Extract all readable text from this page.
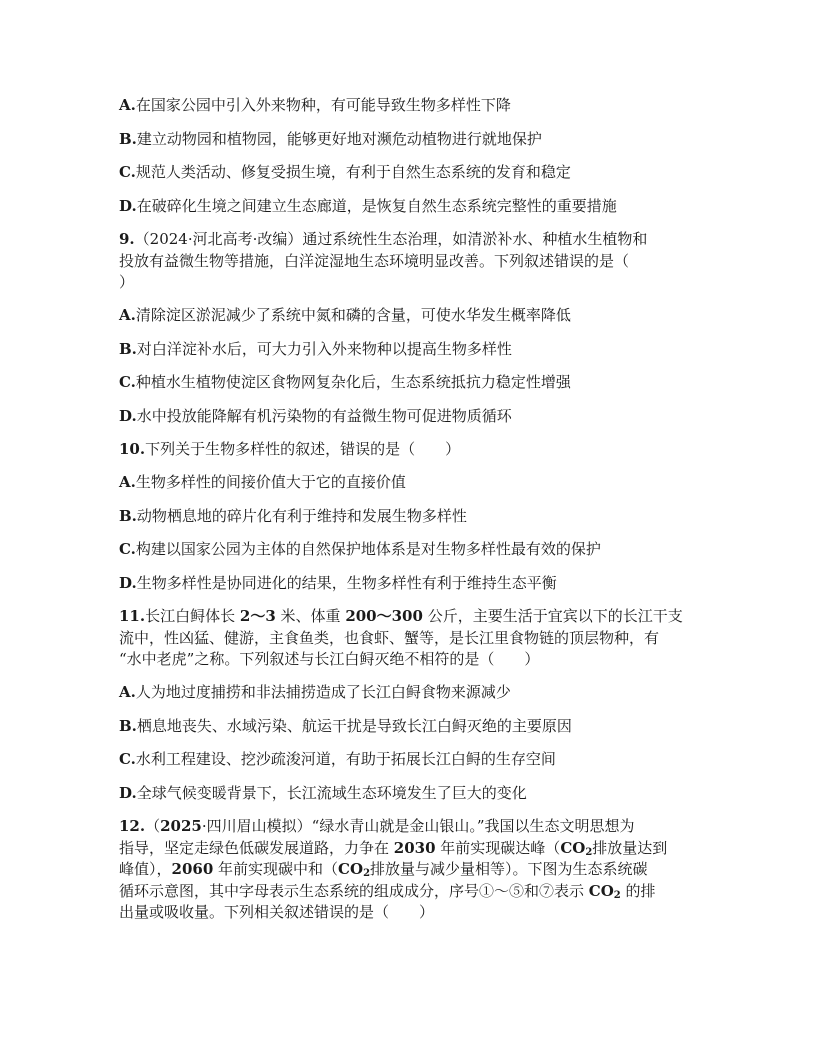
A.在国家公园中引入外来物种，有可能导致生物多样性下降
B.建立动物园和植物园，能够更好地对濒危动植物进行就地保护
C.规范人类活动、修复受损生境，有利于自然生态系统的发育和稳定
D.在破碎化生境之间建立生态廊道，是恢复自然生态系统完整性的重要措施
9.（2024·河北高考·改编）通过系统性生态治理，如清淤补水、种植水生植物和
投放有益微生物等措施，白洋淀湿地生态环境明显改善。下列叙述错误的是（
）
A.清除淀区淤泥减少了系统中氮和磷的含量，可使水华发生概率降低
B.对白洋淀补水后，可大力引入外来物种以提高生物多样性
C.种植水生植物使淀区食物网复杂化后，生态系统抵抗力稳定性增强
D.水中投放能降解有机污染物的有益微生物可促进物质循环
10.下列关于生物多样性的叙述，错误的是（　　）
A.生物多样性的间接价值大于它的直接价值
B.动物栖息地的碎片化有利于维持和发展生物多样性
C.构建以国家公园为主体的自然保护地体系是对生物多样性最有效的保护
D.生物多样性是协同进化的结果，生物多样性有利于维持生态平衡
11.长江白鲟体长 2～3 米、体重 200～300 公斤，主要生活于宜宾以下的长江干支
流中，性凶猛、健游，主食鱼类，也食虾、蟹等，是长江里食物链的顶层物种，有
“水中老虎”之称。下列叙述与长江白鲟灭绝不相符的是（　　）
A.人为地过度捕捞和非法捕捞造成了长江白鲟食物来源减少
B.栖息地丧失、水域污染、航运干扰是导致长江白鲟灭绝的主要原因
C.水利工程建设、挖沙疏浚河道，有助于拓展长江白鲟的生存空间
D.全球气候变暖背景下，长江流域生态环境发生了巨大的变化
12.（2025·四川眉山模拟）“绿水青山就是金山银山。”我国以生态文明思想为
指导，坚定走绿色低碳发展道路，力争在 2030 年前实现碳达峰（$CO_2$排放量达到
峰值），2060 年前实现碳中和（$CO_2$排放量与减少量相等）。下图为生态系统碳
循环示意图，其中字母表示生态系统的组成成分，序号①～⑤和⑦表示 $CO_2$ 的排
出量或吸收量。下列相关叙述错误的是（　　）
